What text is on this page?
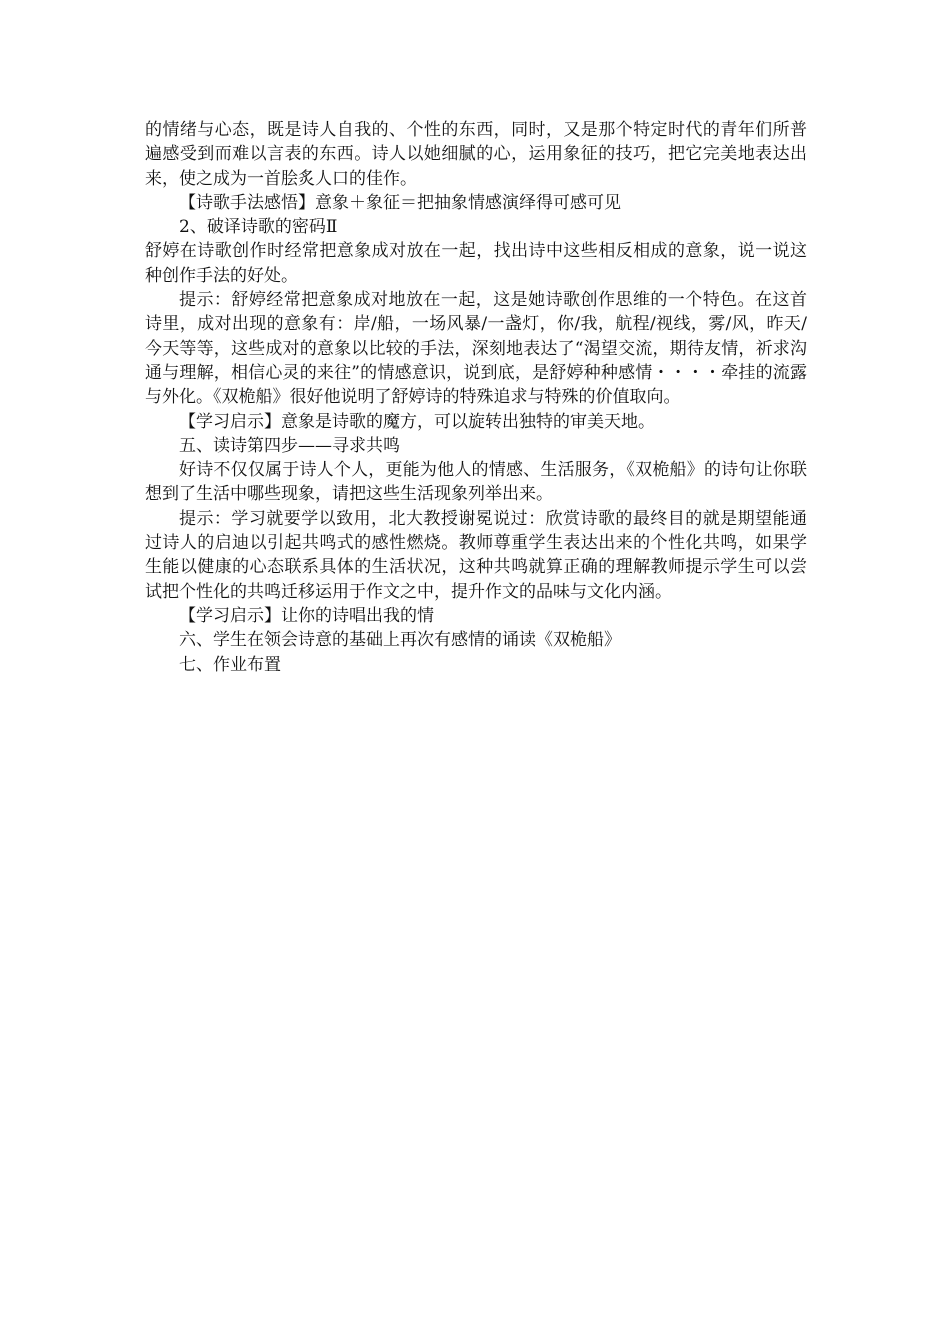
的情绪与心态，既是诗人自我的、个性的东西，同时，又是那个特定时代的青年们所普遍感受到而难以言表的东西。诗人以她细腻的心，运用象征的技巧，把它完美地表达出来，使之成为一首脍炙人口的佳作。

【诗歌手法感悟】意象＋象征＝把抽象情感演绎得可感可见

2、破译诗歌的密码Ⅱ

舒婷在诗歌创作时经常把意象成对放在一起，找出诗中这些相反相成的意象，说一说这种创作手法的好处。

提示：舒婷经常把意象成对地放在一起，这是她诗歌创作思维的一个特色。在这首诗里，成对出现的意象有：岸/船，一场风暴/一盏灯，你/我，航程/视线，雾/风，昨天/今天等等，这些成对的意象以比较的手法，深刻地表达了“渴望交流，期待友情，祈求沟通与理解，相信心灵的来往”的情感意识，说到底，是舒婷种种感情・・・・牵挂的流露与外化。《双桅船》很好他说明了舒婷诗的特殊追求与特殊的价值取向。

【学习启示】意象是诗歌的魔方，可以旋转出独特的审美天地。

五、读诗第四步——寻求共鸣

好诗不仅仅属于诗人个人，更能为他人的情感、生活服务，《双桅船》的诗句让你联想到了生活中哪些现象，请把这些生活现象列举出来。

提示：学习就要学以致用，北大教授谢冕说过：欣赏诗歌的最终目的就是期望能通过诗人的启迪以引起共鸣式的感性燃烧。教师尊重学生表达出来的个性化共鸣，如果学生能以健康的心态联系具体的生活状况，这种共鸣就算正确的理解教师提示学生可以尝试把个性化的共鸣迁移运用于作文之中，提升作文的品味与文化内涵。

【学习启示】让你的诗唱出我的情

六、学生在领会诗意的基础上再次有感情的诵读《双桅船》

七、作业布置
